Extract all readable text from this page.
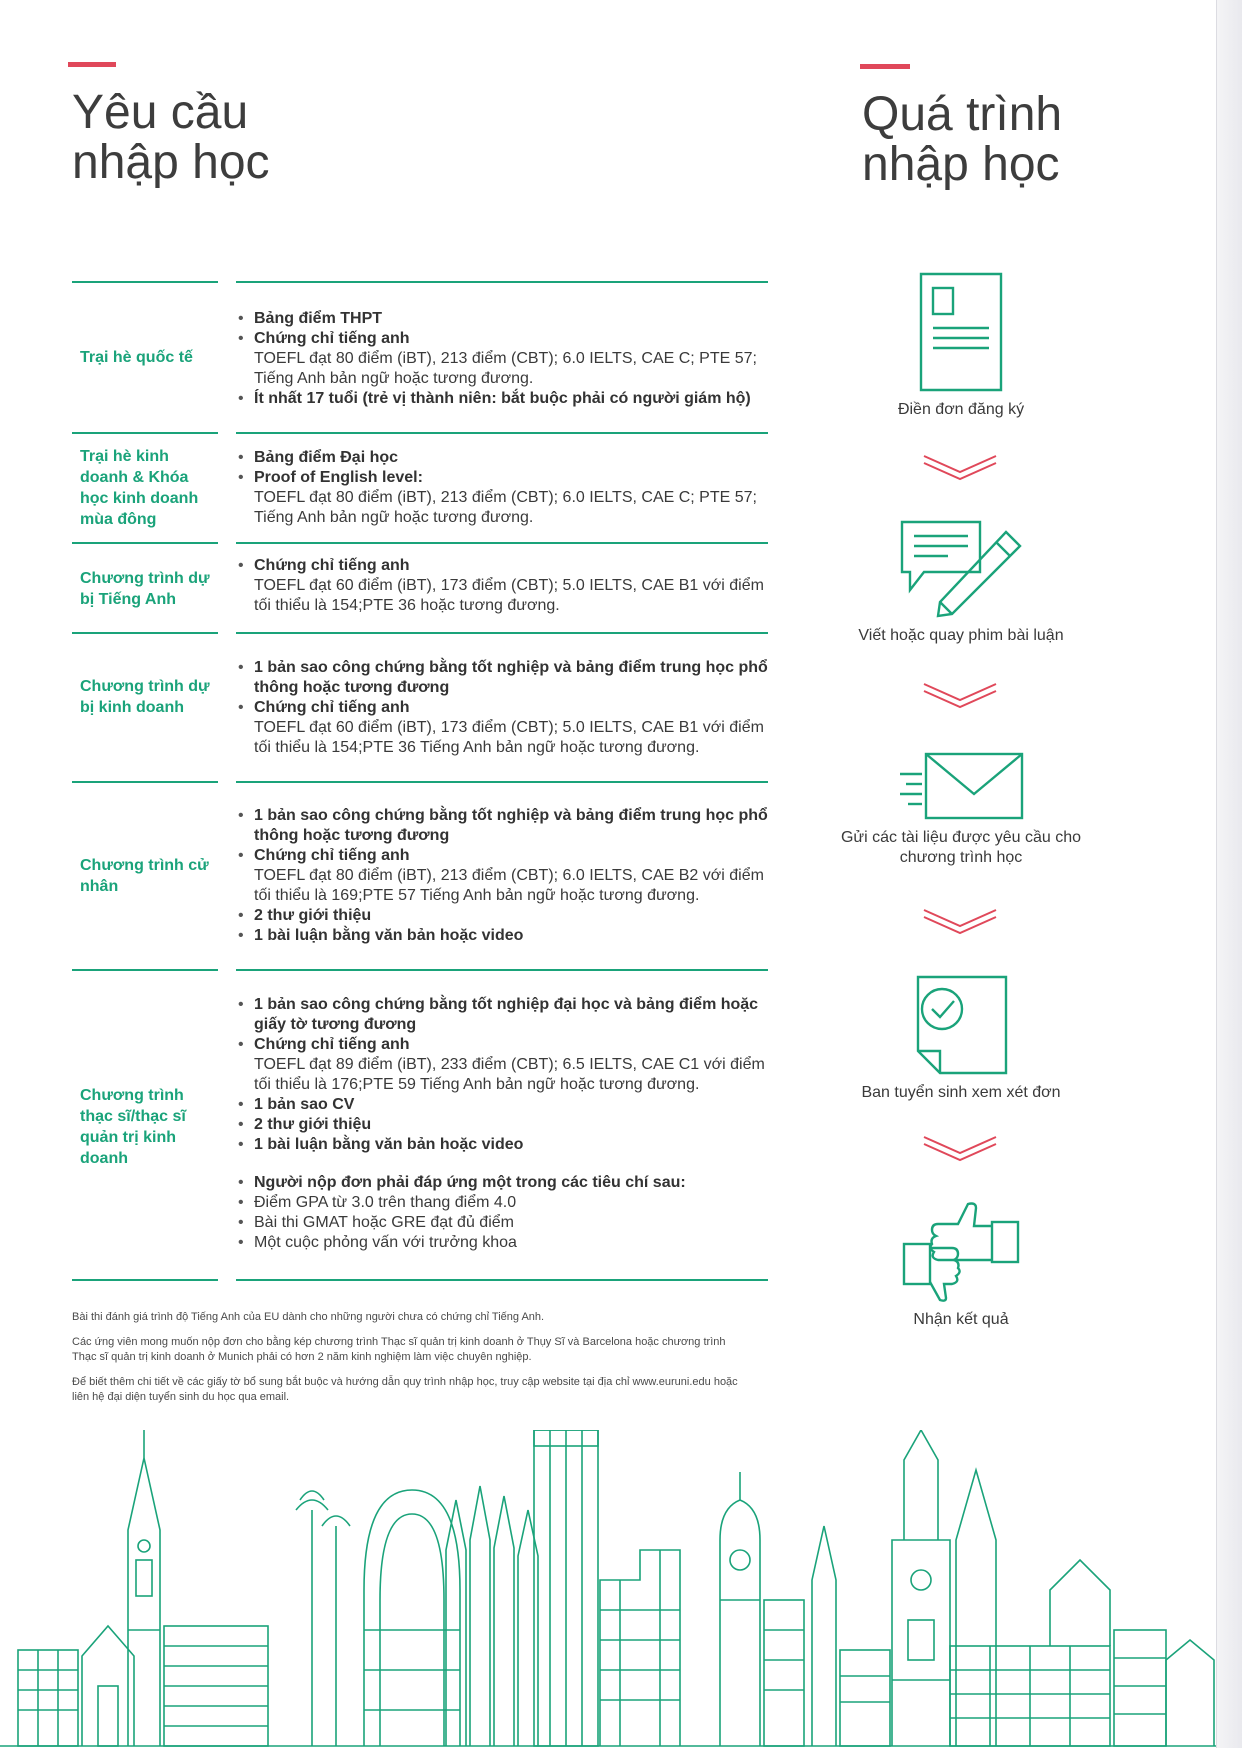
Yêu cầu
nhập học
Quá trình
nhập học
Trại hè quốc tế
• Bảng điểm THPT
• Chứng chỉ tiếng anh
TOEFL đạt 80 điểm (iBT), 213 điểm (CBT); 6.0 IELTS, CAE C; PTE 57; Tiếng Anh bản ngữ hoặc tương đương.
• Ít nhất 17 tuổi (trẻ vị thành niên: bắt buộc phải có người giám hộ)
Trại hè kinh doanh & Khóa học kinh doanh mùa đông
• Bảng điểm Đại học
• Proof of English level:
TOEFL đạt 80 điểm (iBT), 213 điểm (CBT); 6.0 IELTS, CAE C; PTE 57; Tiếng Anh bản ngữ hoặc tương đương.
Chương trình dự bị Tiếng Anh
• Chứng chỉ tiếng anh
TOEFL đạt 60 điểm (iBT), 173 điểm (CBT); 5.0 IELTS, CAE B1 với điểm tối thiểu là 154;PTE 36 hoặc tương đương.
Chương trình dự bị kinh doanh
• 1 bản sao công chứng bằng tốt nghiệp và bảng điểm trung học phổ thông hoặc tương đương
• Chứng chỉ tiếng anh
TOEFL đạt 60 điểm (iBT), 173 điểm (CBT); 5.0 IELTS, CAE B1 với điểm tối thiểu là 154;PTE 36 Tiếng Anh bản ngữ hoặc tương đương.
Chương trình cử nhân
• 1 bản sao công chứng bằng tốt nghiệp và bảng điểm trung học phổ thông hoặc tương đương
• Chứng chỉ tiếng anh
TOEFL đạt 80 điểm (iBT), 213 điểm (CBT); 6.0 IELTS, CAE B2 với điểm tối thiểu là 169;PTE 57 Tiếng Anh bản ngữ hoặc tương đương.
• 2 thư giới thiệu
• 1 bài luận bằng văn bản hoặc video
Chương trình thạc sĩ/thạc sĩ quản trị kinh doanh
• 1 bản sao công chứng bằng tốt nghiệp đại học và bảng điểm hoặc giấy tờ tương đương
• Chứng chỉ tiếng anh
TOEFL đạt 89 điểm (iBT), 233 điểm (CBT); 6.5 IELTS, CAE C1 với điểm tối thiểu là 176;PTE 59 Tiếng Anh bản ngữ hoặc tương đương.
• 1 bản sao CV
• 2 thư giới thiệu
• 1 bài luận bằng văn bản hoặc video
• Người nộp đơn phải đáp ứng một trong các tiêu chí sau:
• Điểm GPA từ 3.0 trên thang điểm 4.0
• Bài thi GMAT hoặc GRE đạt đủ điểm
• Một cuộc phỏng vấn với trưởng khoa

Bài thi đánh giá trình độ Tiếng Anh của EU dành cho những người chưa có chứng chỉ Tiếng Anh.

Các ứng viên mong muốn nộp đơn cho bằng kép chương trình Thạc sĩ quản trị kinh doanh ở Thụy Sĩ và Barcelona hoặc chương trình Thạc sĩ quản trị kinh doanh ở Munich phải có hơn 2 năm kinh nghiệm làm việc chuyên nghiệp.

Để biết thêm chi tiết về các giấy tờ bổ sung bắt buộc và hướng dẫn quy trình nhập học, truy cập website tại địa chỉ www.euruni.edu hoặc liên hệ đại diện tuyển sinh du học qua email.

Điền đơn đăng ký
Viết hoặc quay phim bài luận
Gửi các tài liệu được yêu cầu cho chương trình học
Ban tuyển sinh xem xét đơn
Nhận kết quả
